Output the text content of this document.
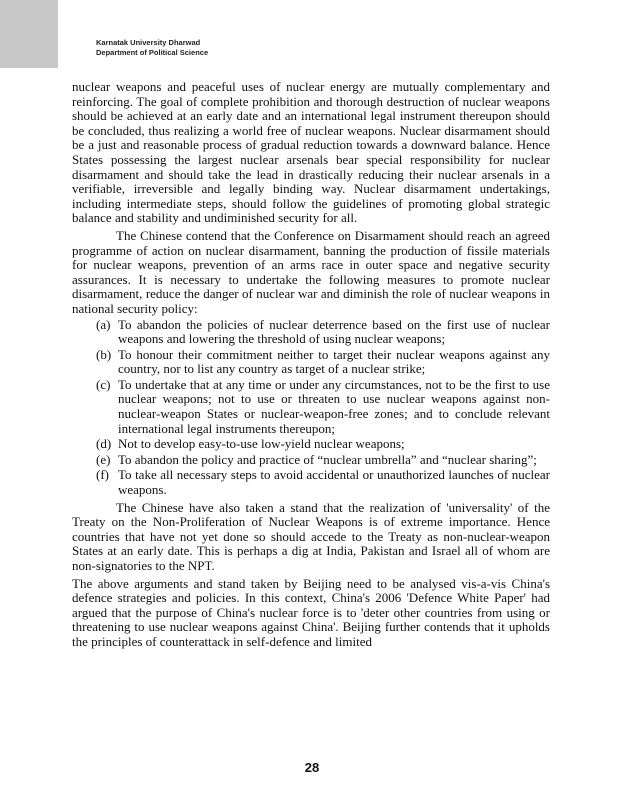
Karnatak University Dharwad
Department of Political Science

nuclear weapons and peaceful uses of nuclear energy are mutually complementary and reinforcing. The goal of complete prohibition and thorough destruction of nuclear weapons should be achieved at an early date and an international legal instrument thereupon should be concluded, thus realizing a world free of nuclear weapons. Nuclear disarmament should be a just and reasonable process of gradual reduction towards a downward balance. Hence States possessing the largest nuclear arsenals bear special responsibility for nuclear disarmament and should take the lead in drastically reducing their nuclear arsenals in a verifiable, irreversible and legally binding way. Nuclear disarmament undertakings, including intermediate steps, should follow the guidelines of promoting global strategic balance and stability and undiminished security for all.

The Chinese contend that the Conference on Disarmament should reach an agreed programme of action on nuclear disarmament, banning the production of fissile materials for nuclear weapons, prevention of an arms race in outer space and negative security assurances. It is necessary to undertake the following measures to promote nuclear disarmament, reduce the danger of nuclear war and diminish the role of nuclear weapons in national security policy:

(a) To abandon the policies of nuclear deterrence based on the first use of nuclear weapons and lowering the threshold of using nuclear weapons;
(b) To honour their commitment neither to target their nuclear weapons against any country, nor to list any country as target of a nuclear strike;
(c) To undertake that at any time or under any circumstances, not to be the first to use nuclear weapons; not to use or threaten to use nuclear weapons against non-nuclear-weapon States or nuclear-weapon-free zones; and to conclude relevant international legal instruments thereupon;
(d) Not to develop easy-to-use low-yield nuclear weapons;
(e) To abandon the policy and practice of “nuclear umbrella” and “nuclear sharing”;
(f) To take all necessary steps to avoid accidental or unauthorized launches of nuclear weapons.

The Chinese have also taken a stand that the realization of 'universality' of the Treaty on the Non-Proliferation of Nuclear Weapons is of extreme importance. Hence countries that have not yet done so should accede to the Treaty as non-nuclear-weapon States at an early date. This is perhaps a dig at India, Pakistan and Israel all of whom are non-signatories to the NPT.

The above arguments and stand taken by Beijing need to be analysed vis-a-vis China's defence strategies and policies. In this context, China's 2006 'Defence White Paper' had argued that the purpose of China's nuclear force is to 'deter other countries from using or threatening to use nuclear weapons against China'. Beijing further contends that it upholds the principles of counterattack in self-defence and limited

28
